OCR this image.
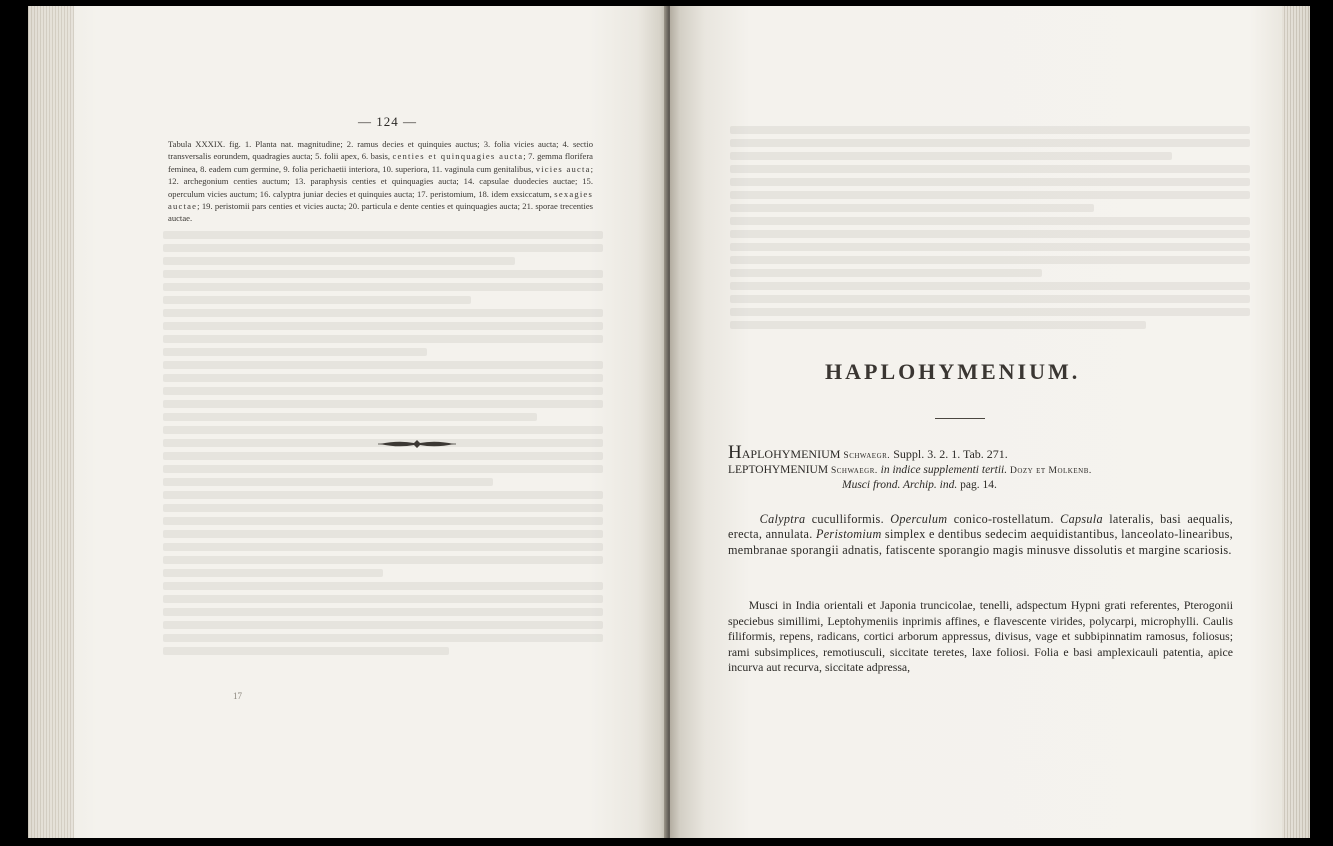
— 124 —
Tabula XXXIX. fig. 1. Planta nat. magnitudine; 2. ramus decies et quinquies auctus; 3. folia vicies aucta; 4. sectio transversalis eorundem, quadragies aucta; 5. folii apex, 6. basis, centies et quinquagies aucta; 7. gemma florifera feminea, 8. eadem cum germine, 9. folia perichaetii interiora, 10. superiora, 11. vaginula cum genitalibus, vicies aucta; 12. archegonium centies auctum; 13. paraphysis centies et quinquagies aucta; 14. capsulae duodecies auctae; 15. operculum vicies auctum; 16. calyptra juniar decies et quinquies aucta; 17. peristomium, 18. idem exsiccatum, sexagies auctae; 19. peristomii pars centies et vicies aucta; 20. particula e dente centies et quinquagies aucta; 21. sporae trecenties auctae.
17
HAPLOHYMENIUM.
HAPLOHYMENIUM Schwaegr. Suppl. 3. 2. 1. Tab. 271.
LEPTOHYMENIUM Schwaegr. in indice supplementi tertii. Dozy et Molkenb.
Musci frond. Archip. ind. pag. 14.
Calyptra cuculliformis. Operculum conico-rostellatum. Capsula lateralis, basi aequalis, erecta, annulata. Peristomium simplex e dentibus sedecim aequidistantibus, lanceolato-linearibus, membranae sporangii adnatis, fatiscente sporangio magis minusve dissolutis et margine scariosis.
Musci in India orientali et Japonia truncicolae, tenelli, adspectum Hypni grati referentes, Pterogonii speciebus simillimi, Leptohymeniis inprimis affines, e flavescente virides, polycarpi, microphylli. Caulis filiformis, repens, radicans, cortici arborum appressus, divisus, vage et subbipinnatim ramosus, foliosus; rami subsimplices, remotiusculi, siccitate teretes, laxe foliosi. Folia e basi amplexicauli patentia, apice incurva aut recurva, siccitate adpressa,
